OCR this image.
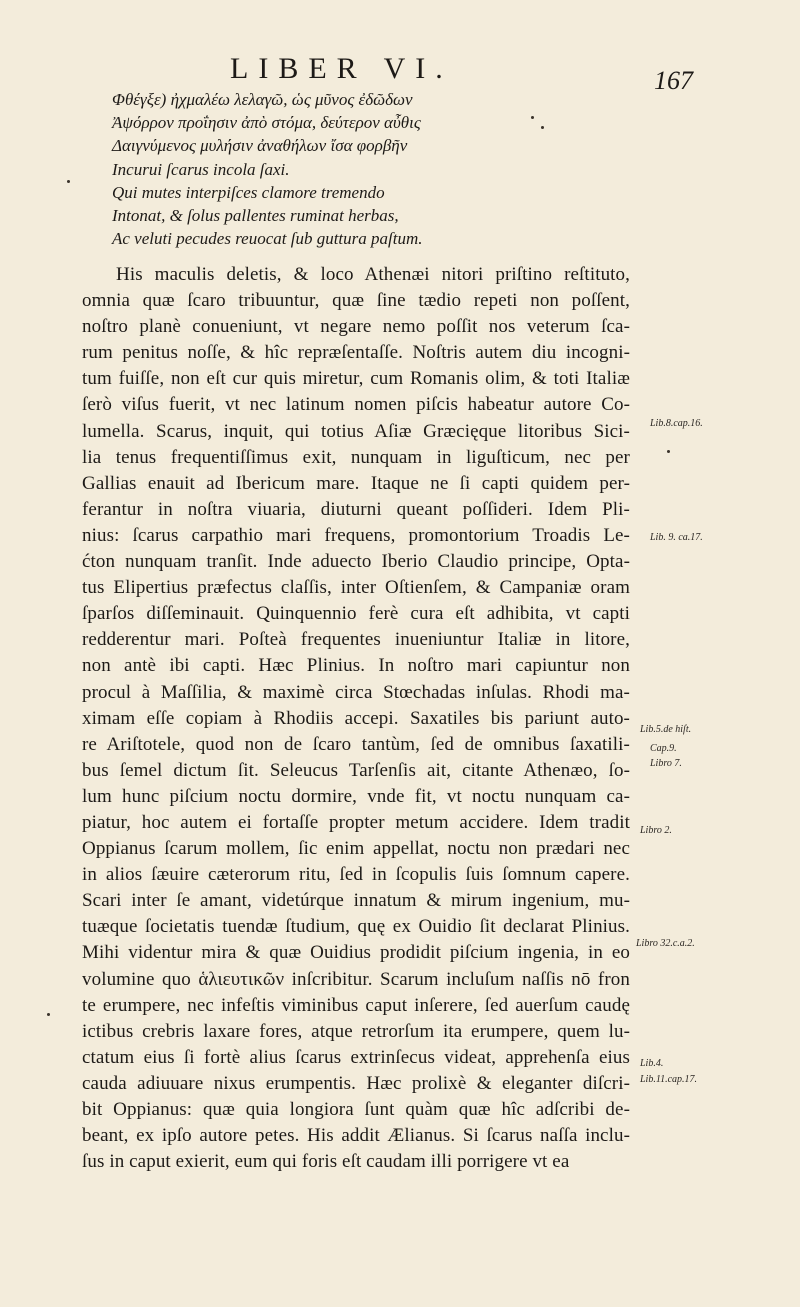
LIBER VI.	167
Φθέγξε) ἠχμαλέω λελαγῶ, ὡς μῦνος ἐδῶδων
Ἀψόρρον προΐησιν ἀπὸ στόμα, δεύτερον αὖθις
Δαιγνύμενος μυλήσιν ἀναθήλων ἴσα φορβῆν
Incurui ſcarus incola ſaxi.
Qui mutes interpiſces clamore tremendo
Intonat, & ſolus pallentes ruminat herbas,
Ac veluti pecudes reuocat ſub guttura paſtum.
His maculis deletis, & loco Athenæi nitori priſtino reſtituto,
omnia quæ ſcaro tribuuntur, quæ ſine tædio repeti non poſſent,
noſtro planè conueniunt, vt negare nemo poſſit nos veterum ſca-
rum penitus noſſe, & hîc repræſentaſſe. Noſtris autem diu incogni-
tum fuiſſe, non eſt cur quis miretur, cum Romanis olim, & toti Italiæ
ſerò viſus fuerit, vt nec latinum nomen piſcis habeatur autore Co-
lumella. Scarus, inquit, qui totius Aſiæ Græcięque litoribus Sici-
lia tenus frequentiſſimus exit, nunquam in liguſticum, nec per
Gallias enauit ad Ibericum mare. Itaque ne ſi capti quidem per-
ferantur in noſtra viuaria, diuturni queant poſſideri. Idem Pli-
nius: ſcarus carpathio mari frequens, promontorium Troadis Le-
ćton nunquam tranſit. Inde aduecto Iberio Claudio principe, Opta-
tus Elipertius præfectus claſſis, inter Oſtienſem, & Campaniæ oram
ſparſos diſſeminauit. Quinquennio ferè cura eſt adhibita, vt capti
redderentur mari. Poſteà frequentes inueniuntur Italiæ in litore,
non antè ibi capti. Hæc Plinius. In noſtro mari capiuntur non
procul à Maſſilia, & maximè circa Stœchadas inſulas. Rhodi ma-
ximam eſſe copiam à Rhodiis accepi. Saxatiles bis pariunt auto-
re Ariſtotele, quod non de ſcaro tantùm, ſed de omnibus ſaxatili-
bus ſemel dictum ſit. Seleucus Tarſenſis ait, citante Athenæo, ſo-
lum hunc piſcium noctu dormire, vnde fit, vt noctu nunquam ca-
piatur, hoc autem ei fortaſſe propter metum accidere. Idem tradit
Oppianus ſcarum mollem, ſic enim appellat, noctu non prædari nec
in alios ſæuire cæterorum ritu, ſed in ſcopulis ſuis ſomnum capere.
Scari inter ſe amant, videtúrque innatum & mirum ingenium, mu-
tuæque ſocietatis tuendæ ſtudium, quę ex Ouidio ſit declarat Plinius.
Mihi videntur mira & quæ Ouidius prodidit piſcium ingenia, in eo
volumine quo ἁλιευτικῶν inſcribitur. Scarum incluſum naſſis nō fron
te erumpere, nec infeſtis viminibus caput inſerere, ſed auerſum caudę
ictibus crebris laxare fores, atque retrorſum ita erumpere, quem lu-
ctatum eius ſi fortè alius ſcarus extrinſecus videat, apprehenſa eius
cauda adiuuare nixus erumpentis. Hæc prolixè & eleganter diſcri-
bit Oppianus: quæ quia longiora ſunt quàm quæ hîc adſcribi de-
beant, ex ipſo autore petes. His addit Ælianus. Si ſcarus naſſa inclu-
ſus in caput exierit, eum qui foris eſt caudam illi porrigere vt ea
Lib.8.cap.16.
Lib. 9. ca.17.
Lib.5.de hiſt.
Cap.9.
Libro 7.
Libro 2.
Libro 32.c.a.2.
Lib.4.
Lib.11.cap.17.
